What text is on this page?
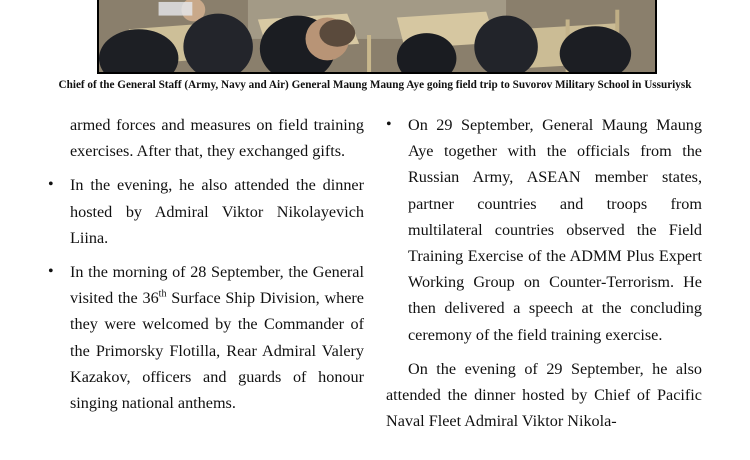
Chief of the General Staff (Army, Navy and Air) General Maung Maung Aye going field trip to Suvorov Military School in Ussuriysk
armed forces and measures on field training exercises. After that, they exchanged gifts.
• In the evening, he also attended the dinner hosted by Admiral Viktor Nikolayevich Liina.
• In the morning of 28 September, the General visited the 36th Surface Ship Division, where they were welcomed by the Commander of the Primorsky Flotilla, Rear Admiral Valery Kazakov, officers and guards of honour singing national anthems.
• On 29 September, General Maung Maung Aye together with the officials from the Russian Army, ASEAN member states, partner countries and troops from multilateral countries observed the Field Training Exercise of the ADMM Plus Expert Working Group on Counter-Terrorism. He then delivered a speech at the concluding ceremony of the field training exercise.
On the evening of 29 September, he also attended the dinner hosted by Chief of Pacific Naval Fleet Admiral Viktor Nikola-
